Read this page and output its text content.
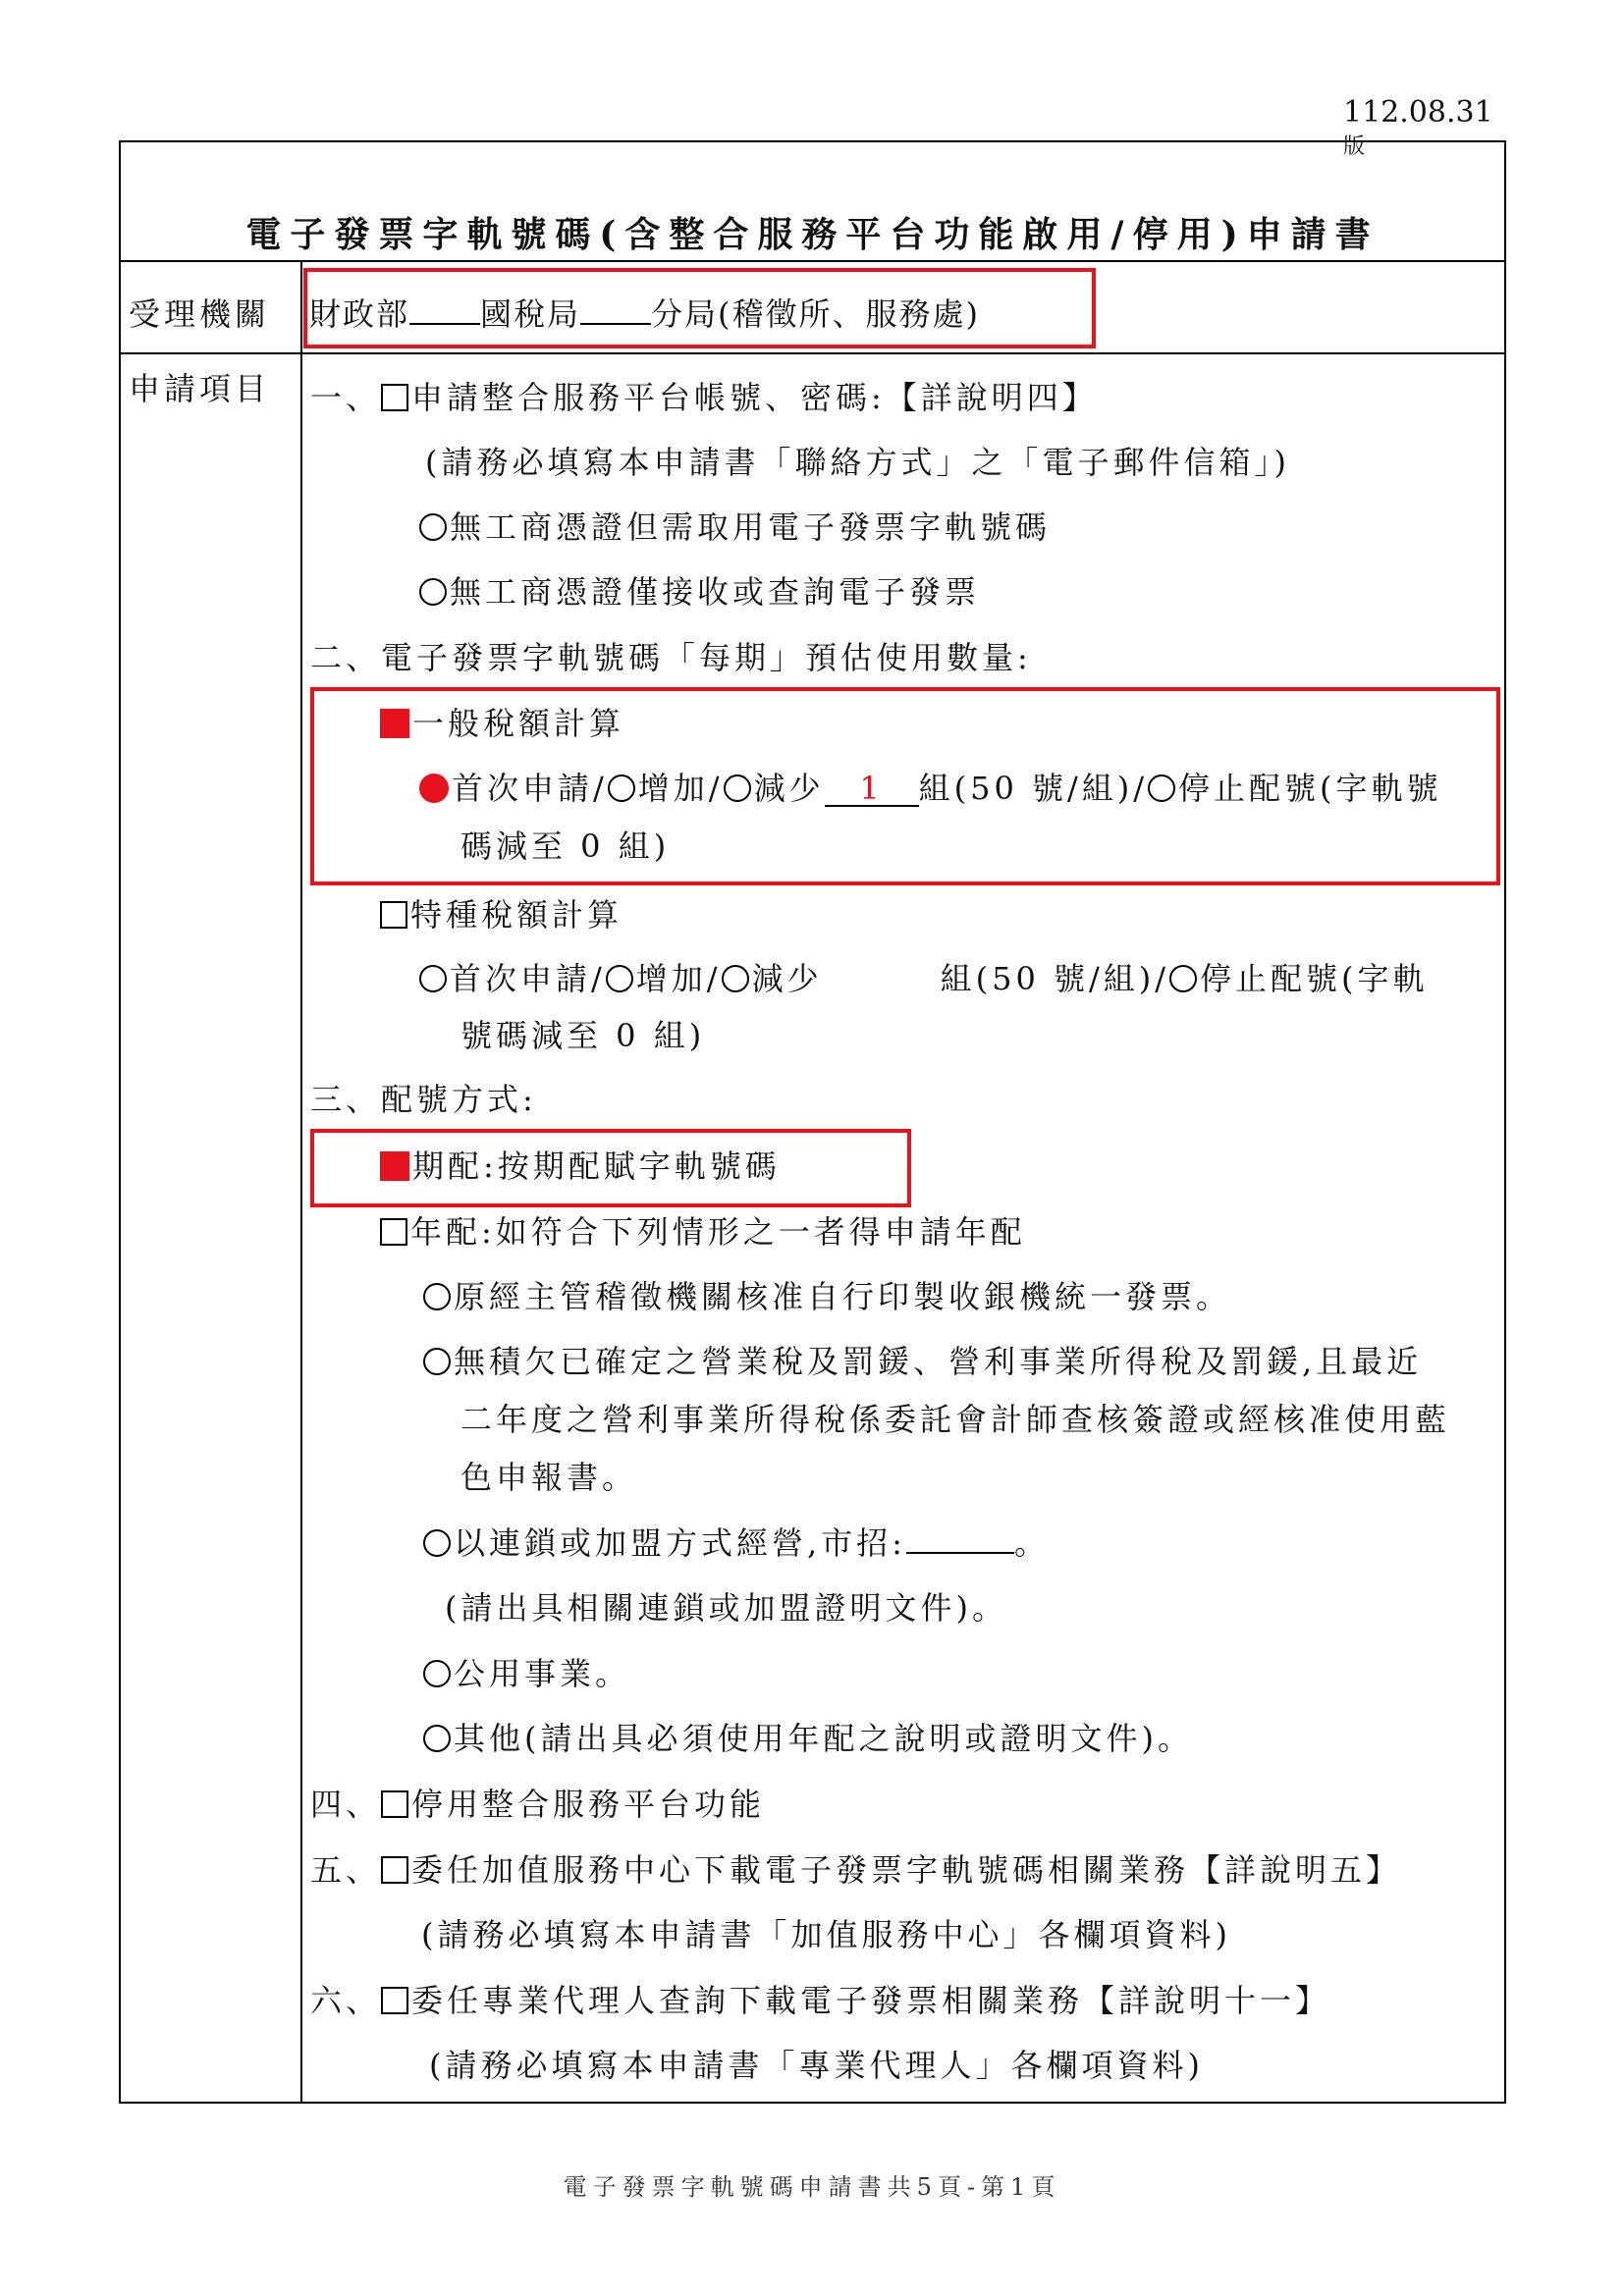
112.08.31
版
電子發票字軌號碼(含整合服務平台功能啟用/停用)申請書
受理機關 財政部 國稅局 分局(稽徵所、服務處)
申請項目 一、 申請整合服務平台帳號、密碼:【詳說明四】
(請務必填寫本申請書「聯絡方式」之「電子郵件信箱」)
無工商憑證但需取用電子發票字軌號碼
無工商憑證僅接收或查詢電子發票
二、電子發票字軌號碼「每期」預估使用數量:
一般稅額計算
首次申請/ 增加/ 減少 1 組(50 號/組)/ 停止配號(字軌號
碼減至 0 組)
特種稅額計算
首次申請/ 增加/ 減少	組(50 號/組)/ 停止配號(字軌
號碼減至 0 組)
三、配號方式:
期配:按期配賦字軌號碼
年配:如符合下列情形之一者得申請年配
原經主管稽徵機關核准自行印製收銀機統一發票。
無積欠已確定之營業稅及罰鍰、營利事業所得稅及罰鍰,且最近
二年度之營利事業所得稅係委託會計師查核簽證或經核准使用藍
色申報書。
以連鎖或加盟方式經營,市招:	。
(請出具相關連鎖或加盟證明文件)。
公用事業。
其他(請出具必須使用年配之說明或證明文件)。
四、 停用整合服務平台功能
五、 委任加值服務中心下載電子發票字軌號碼相關業務【詳說明五】
(請務必填寫本申請書「加值服務中心」各欄項資料)
六、 委任專業代理人查詢下載電子發票相關業務【詳說明十一】
(請務必填寫本申請書「專業代理人」各欄項資料)
電子發票字軌號碼申請書共5頁-第1頁
